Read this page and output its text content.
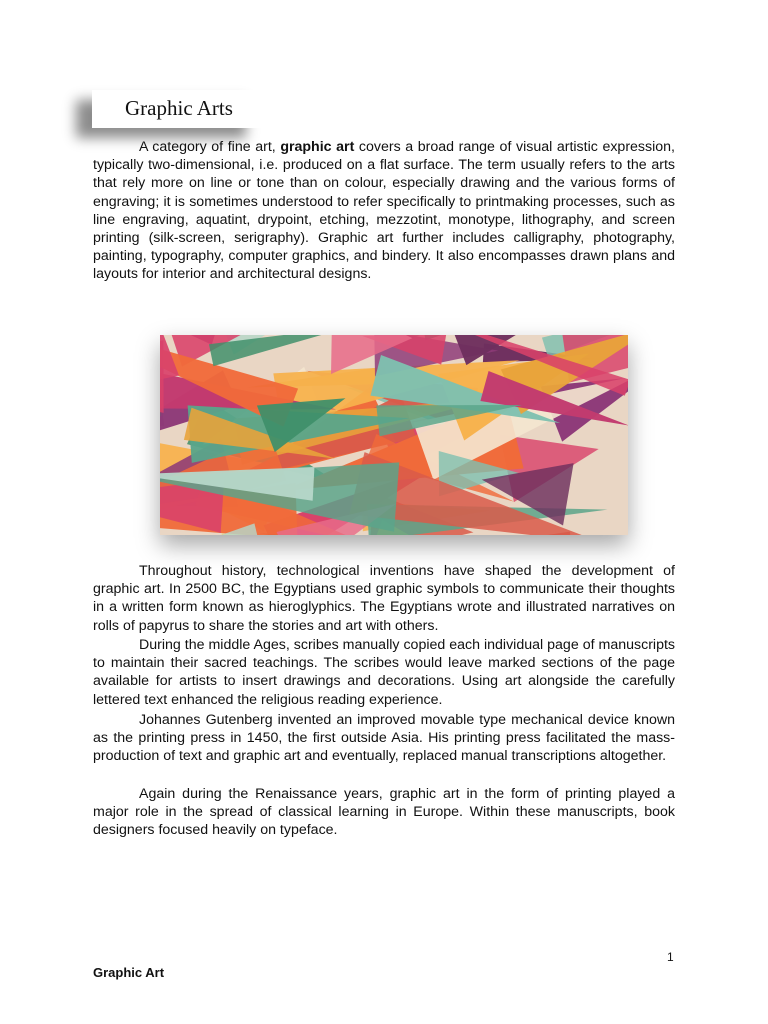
Graphic Arts

A category of fine art, graphic art covers a broad range of visual artistic expression, typically two-dimensional, i.e. produced on a flat surface. The term usually refers to the arts that rely more on line or tone than on colour, especially drawing and the various forms of engraving; it is sometimes understood to refer specifically to printmaking processes, such as line engraving, aquatint, drypoint, etching, mezzotint, monotype, lithography, and screen printing (silk-screen, serigraphy). Graphic art further includes calligraphy, photography, painting, typography, computer graphics, and bindery. It also encompasses drawn plans and layouts for interior and architectural designs.

Throughout history, technological inventions have shaped the development of graphic art. In 2500 BC, the Egyptians used graphic symbols to communicate their thoughts in a written form known as hieroglyphics. The Egyptians wrote and illustrated narratives on rolls of papyrus to share the stories and art with others.

During the middle Ages, scribes manually copied each individual page of manuscripts to maintain their sacred teachings. The scribes would leave marked sections of the page available for artists to insert drawings and decorations. Using art alongside the carefully lettered text enhanced the religious reading experience.

Johannes Gutenberg invented an improved movable type mechanical device known as the printing press in 1450, the first outside Asia. His printing press facilitated the mass-production of text and graphic art and eventually, replaced manual transcriptions altogether.

Again during the Renaissance years, graphic art in the form of printing played a major role in the spread of classical learning in Europe. Within these manuscripts, book designers focused heavily on typeface.

1
Graphic Art
